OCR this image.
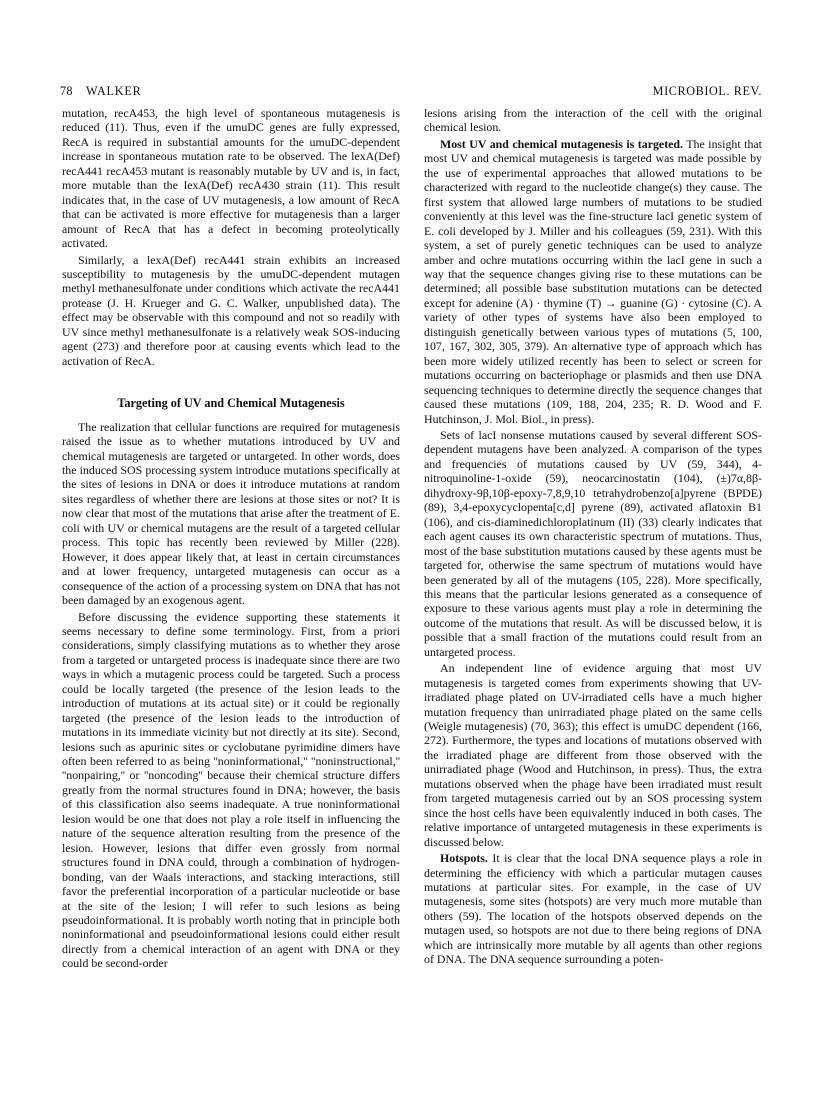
78 WALKER	MICROBIOL. REV.

mutation, recA453, the high level of spontaneous mutagenesis is reduced (11). Thus, even if the umuDC genes are fully expressed, RecA is required in substantial amounts for the umuDC-dependent increase in spontaneous mutation rate to be observed. The lexA(Def) recA441 recA453 mutant is reasonably mutable by UV and is, in fact, more mutable than the lexA(Def) recA430 strain (11). This result indicates that, in the case of UV mutagenesis, a low amount of RecA that can be activated is more effective for mutagenesis than a larger amount of RecA that has a defect in becoming proteolytically activated.

Similarly, a lexA(Def) recA441 strain exhibits an increased susceptibility to mutagenesis by the umuDC-dependent mutagen methyl methanesulfonate under conditions which activate the recA441 protease (J. H. Krueger and G. C. Walker, unpublished data). The effect may be observable with this compound and not so readily with UV since methyl methanesulfonate is a relatively weak SOS-inducing agent (273) and therefore poor at causing events which lead to the activation of RecA.

Targeting of UV and Chemical Mutagenesis

The realization that cellular functions are required for mutagenesis raised the issue as to whether mutations introduced by UV and chemical mutagenesis are targeted or untargeted. In other words, does the induced SOS processing system introduce mutations specifically at the sites of lesions in DNA or does it introduce mutations at random sites regardless of whether there are lesions at those sites or not? It is now clear that most of the mutations that arise after the treatment of E. coli with UV or chemical mutagens are the result of a targeted cellular process. This topic has recently been reviewed by Miller (228). However, it does appear likely that, at least in certain circumstances and at lower frequency, untargeted mutagenesis can occur as a consequence of the action of a processing system on DNA that has not been damaged by an exogenous agent.

Before discussing the evidence supporting these statements it seems necessary to define some terminology. First, from a priori considerations, simply classifying mutations as to whether they arose from a targeted or untargeted process is inadequate since there are two ways in which a mutagenic process could be targeted. Such a process could be locally targeted (the presence of the lesion leads to the introduction of mutations at its actual site) or it could be regionally targeted (the presence of the lesion leads to the introduction of mutations in its immediate vicinity but not directly at its site). Second, lesions such as apurinic sites or cyclobutane pyrimidine dimers have often been referred to as being ''noninformational,'' ''noninstructional,'' ''nonpairing,'' or ''noncoding'' because their chemical structure differs greatly from the normal structures found in DNA; however, the basis of this classification also seems inadequate. A true noninformational lesion would be one that does not play a role itself in influencing the nature of the sequence alteration resulting from the presence of the lesion. However, lesions that differ even grossly from normal structures found in DNA could, through a combination of hydrogen-bonding, van der Waals interactions, and stacking interactions, still favor the preferential incorporation of a particular nucleotide or base at the site of the lesion; I will refer to such lesions as being pseudoinformational. It is probably worth noting that in principle both noninformational and pseudoinformational lesions could either result directly from a chemical interaction of an agent with DNA or they could be second-order

lesions arising from the interaction of the cell with the original chemical lesion.

Most UV and chemical mutagenesis is targeted. The insight that most UV and chemical mutagenesis is targeted was made possible by the use of experimental approaches that allowed mutations to be characterized with regard to the nucleotide change(s) they cause. The first system that allowed large numbers of mutations to be studied conveniently at this level was the fine-structure lacI genetic system of E. coli developed by J. Miller and his colleagues (59, 231). With this system, a set of purely genetic techniques can be used to analyze amber and ochre mutations occurring within the lacI gene in such a way that the sequence changes giving rise to these mutations can be determined; all possible base substitution mutations can be detected except for adenine (A) · thymine (T) → guanine (G) · cytosine (C). A variety of other types of systems have also been employed to distinguish genetically between various types of mutations (5, 100, 107, 167, 302, 305, 379). An alternative type of approach which has been more widely utilized recently has been to select or screen for mutations occurring on bacteriophage or plasmids and then use DNA sequencing techniques to determine directly the sequence changes that caused these mutations (109, 188, 204, 235; R. D. Wood and F. Hutchinson, J. Mol. Biol., in press).

Sets of lacI nonsense mutations caused by several different SOS-dependent mutagens have been analyzed. A comparison of the types and frequencies of mutations caused by UV (59, 344), 4-nitroquinoline-1-oxide (59), neocarcinostatin (104), (±)7α,8β-dihydroxy-9β,10β-epoxy-7,8,9,10 tetrahydrobenzo[a]pyrene (BPDE) (89), 3,4-epoxycyclopenta[c,d] pyrene (89), activated aflatoxin B1 (106), and cis-diaminedichloroplatinum (II) (33) clearly indicates that each agent causes its own characteristic spectrum of mutations. Thus, most of the base substitution mutations caused by these agents must be targeted for, otherwise the same spectrum of mutations would have been generated by all of the mutagens (105, 228). More specifically, this means that the particular lesions generated as a consequence of exposure to these various agents must play a role in determining the outcome of the mutations that result. As will be discussed below, it is possible that a small fraction of the mutations could result from an untargeted process.

An independent line of evidence arguing that most UV mutagenesis is targeted comes from experiments showing that UV-irradiated phage plated on UV-irradiated cells have a much higher mutation frequency than unirradiated phage plated on the same cells (Weigle mutagenesis) (70, 363); this effect is umuDC dependent (166, 272). Furthermore, the types and locations of mutations observed with the irradiated phage are different from those observed with the unirradiated phage (Wood and Hutchinson, in press). Thus, the extra mutations observed when the phage have been irradiated must result from targeted mutagenesis carried out by an SOS processing system since the host cells have been equivalently induced in both cases. The relative importance of untargeted mutagenesis in these experiments is discussed below.

Hotspots. It is clear that the local DNA sequence plays a role in determining the efficiency with which a particular mutagen causes mutations at particular sites. For example, in the case of UV mutagenesis, some sites (hotspots) are very much more mutable than others (59). The location of the hotspots observed depends on the mutagen used, so hotspots are not due to there being regions of DNA which are intrinsically more mutable by all agents than other regions of DNA. The DNA sequence surrounding a poten-
